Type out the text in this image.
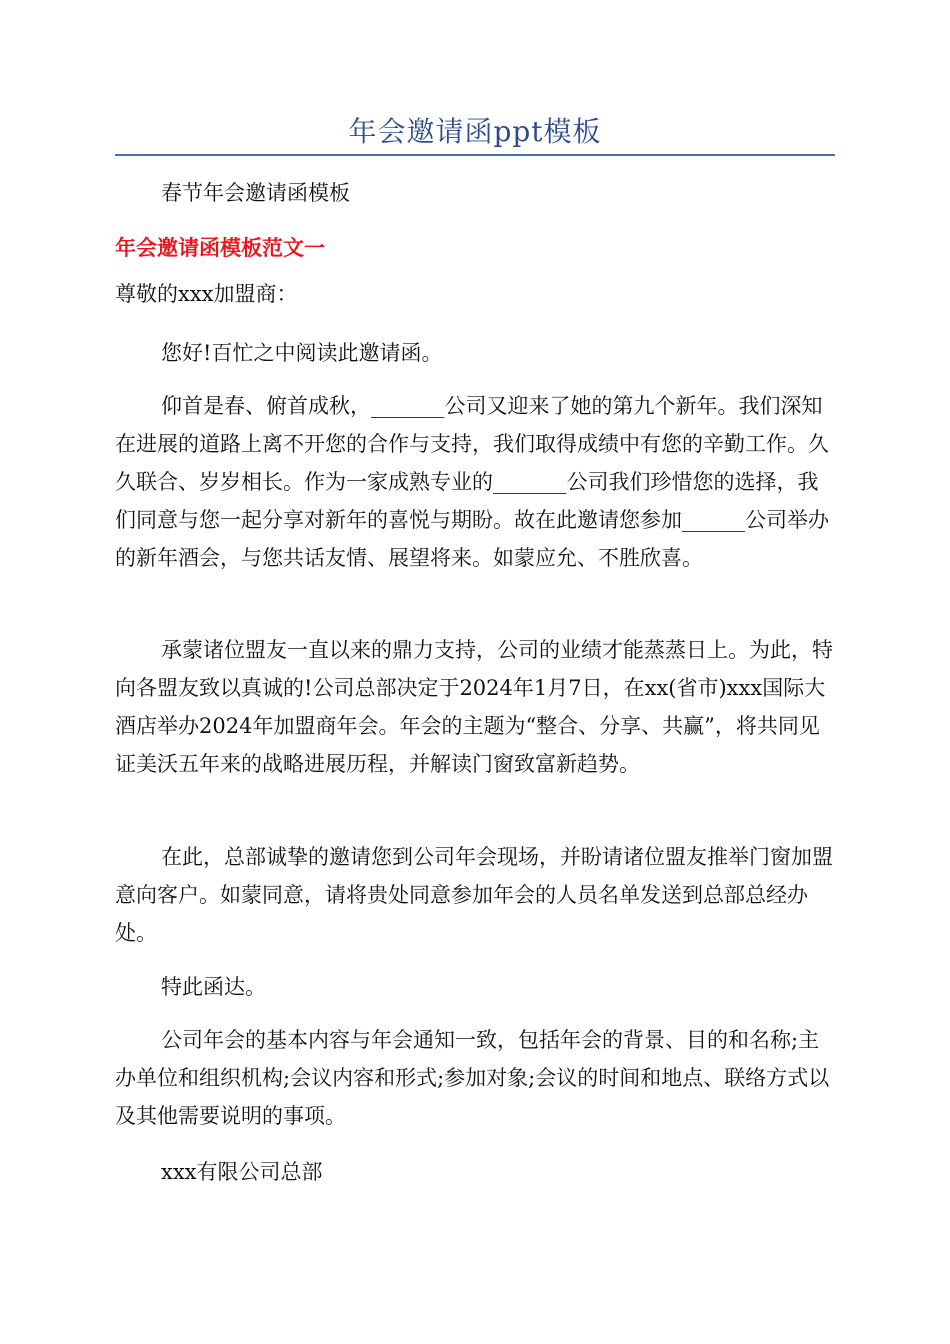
年会邀请函ppt模板

春节年会邀请函模板

年会邀请函模板范文一

尊敬的xxx加盟商：

您好!百忙之中阅读此邀请函。

仰首是春、俯首成秋，_______公司又迎来了她的第九个新年。我们深知在进展的道路上离不开您的合作与支持，我们取得成绩中有您的辛勤工作。久久联合、岁岁相长。作为一家成熟专业的_______公司我们珍惜您的选择，我们同意与您一起分享对新年的喜悦与期盼。故在此邀请您参加______公司举办的新年酒会，与您共话友情、展望将来。如蒙应允、不胜欣喜。

承蒙诸位盟友一直以来的鼎力支持，公司的业绩才能蒸蒸日上。为此，特向各盟友致以真诚的!公司总部决定于2024年1月7日，在xx(省市)xxx国际大酒店举办2024年加盟商年会。年会的主题为“整合、分享、共赢”，将共同见证美沃五年来的战略进展历程，并解读门窗致富新趋势。

在此，总部诚挚的邀请您到公司年会现场，并盼请诸位盟友推举门窗加盟意向客户。如蒙同意，请将贵处同意参加年会的人员名单发送到总部总经办处。

特此函达。

公司年会的基本内容与年会通知一致，包括年会的背景、目的和名称;主办单位和组织机构;会议内容和形式;参加对象;会议的时间和地点、联络方式以及其他需要说明的事项。

xxx有限公司总部
